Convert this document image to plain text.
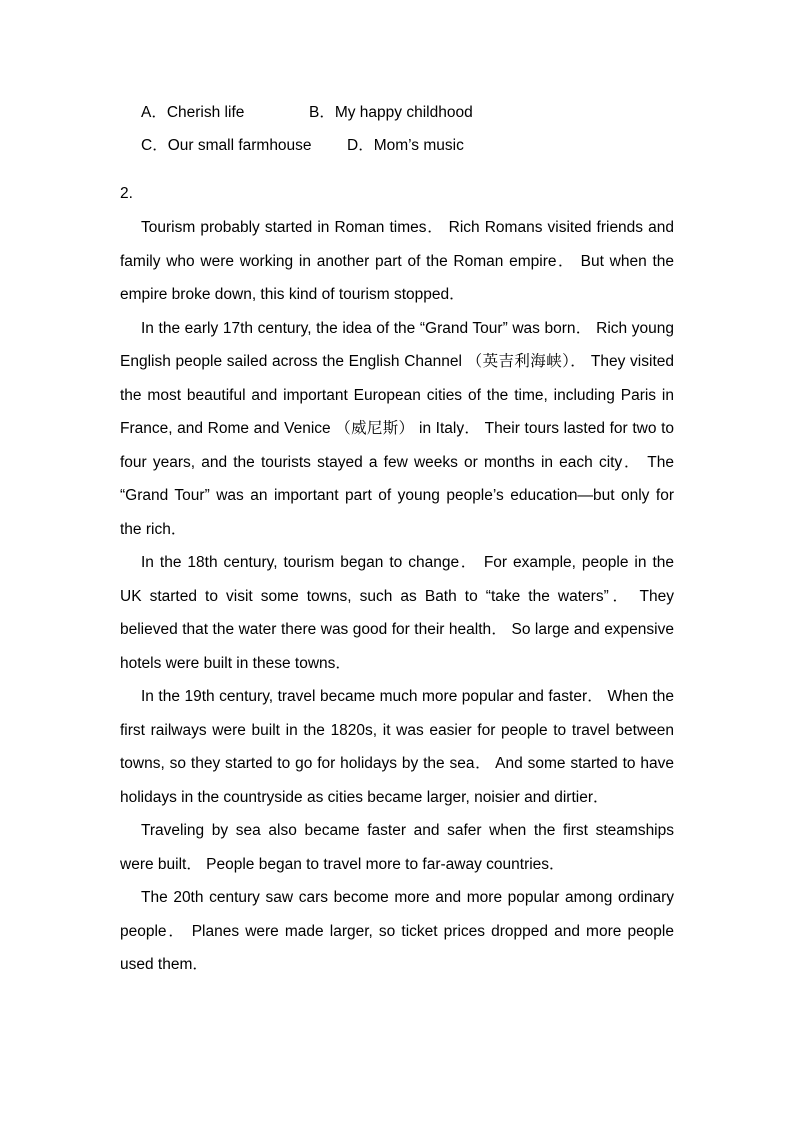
A．Cherish life	B．My happy childhood
C．Our small farmhouse	D．Mom’s music
2.

Tourism probably started in Roman times． Rich Romans visited friends and family who were working in another part of the Roman empire． But when the empire broke down, this kind of tourism stopped．

In the early 17th century, the idea of the “Grand Tour” was born． Rich young English people sailed across the English Channel （英吉利海峡）． They visited the most beautiful and important European cities of the time, including Paris in France, and Rome and Venice （威尼斯） in Italy． Their tours lasted for two to four years, and the tourists stayed a few weeks or months in each city． The “Grand Tour” was an important part of young people’s education—but only for the rich．

In the 18th century, tourism began to change． For example, people in the UK started to visit some towns, such as Bath to “take the waters”． They believed that the water there was good for their health． So large and expensive hotels were built in these towns．

In the 19th century, travel became much more popular and faster． When the first railways were built in the 1820s, it was easier for people to travel between towns, so they started to go for holidays by the sea． And some started to have holidays in the countryside as cities became larger, noisier and dirtier．

Traveling by sea also became faster and safer when the first steamships were built． People began to travel more to far-away countries．

The 20th century saw cars become more and more popular among ordinary people． Planes were made larger, so ticket prices dropped and more people used them．
